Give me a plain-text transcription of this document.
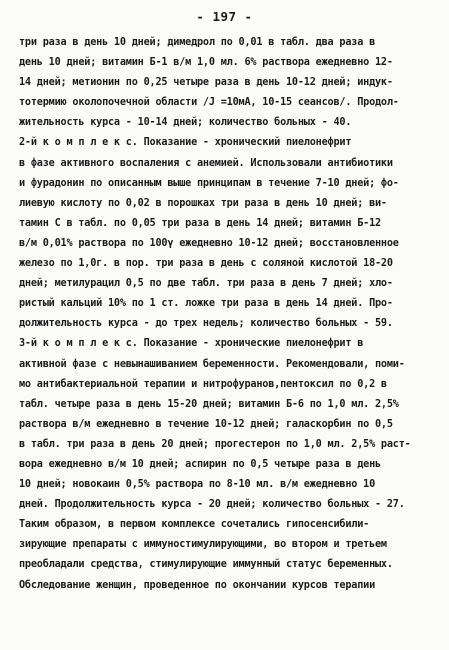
- 197 -
три раза в день 10 дней; димедрол по 0,01 в табл. два раза в
день 10 дней; витамин Б-1 в/м 1,0 мл. 6% раствора ежедневно 12-
14 дней; метионин по 0,25 четыре раза в день 10-12 дней; индук-
тотермию околопочечной области /J =10мА, 10-15 сеансов/. Продол-
жительность курса - 10-14 дней; количество больных - 40.
2-й к о м п л е к с. Показание - хронический пиелонефрит
в фазе активного воспаления с анемией. Использовали антибиотики
и фурадонин по описанным выше принципам в течение 7-10 дней; фо-
лиевую кислоту по 0,02 в порошках три раза в день 10 дней; ви-
тамин С в табл. по 0,05 три раза в день 14 дней; витамин Б-12
в/м 0,01% раствора по 100γ ежедневно 10-12 дней; восстановленное
железо по 1,0г. в пор. три раза в день с соляной кислотой 18-20
дней; метилурацил 0,5 по две табл. три раза в день 7 дней; хло-
ристый кальций 10% по 1 ст. ложке три раза в день 14 дней. Про-
должительность курса - до трех недель; количество больных - 59.
3-й к о м п л е к с. Показание - хронические пиелонефрит в
активной фазе с невынашиванием беременности. Рекомендовали, поми-
мо антибактериальной терапии и нитрофуранов,пентоксил по 0,2 в
табл. четыре раза в день 15-20 дней; витамин Б-6 по 1,0 мл. 2,5%
раствора в/м ежедневно в течение 10-12 дней; галаскорбин по 0,5
в табл. три раза в день 20 дней; прогестерон по 1,0 мл. 2,5% раст-
вора ежедневно в/м 10 дней; аспирин по 0,5 четыре раза в день
10 дней; новокаин 0,5% раствора по 8-10 мл. в/м ежедневно 10
дней. Продолжительность курса - 20 дней; количество больных - 27.
Таким образом, в первом комплексе сочетались гипосенсибили-
зирующие препараты с иммуностимулирующими, во втором и третьем
преобладали средства, стимулирующие иммунный статус беременных.
Обследование женщин, проведенное по окончании курсов терапии
